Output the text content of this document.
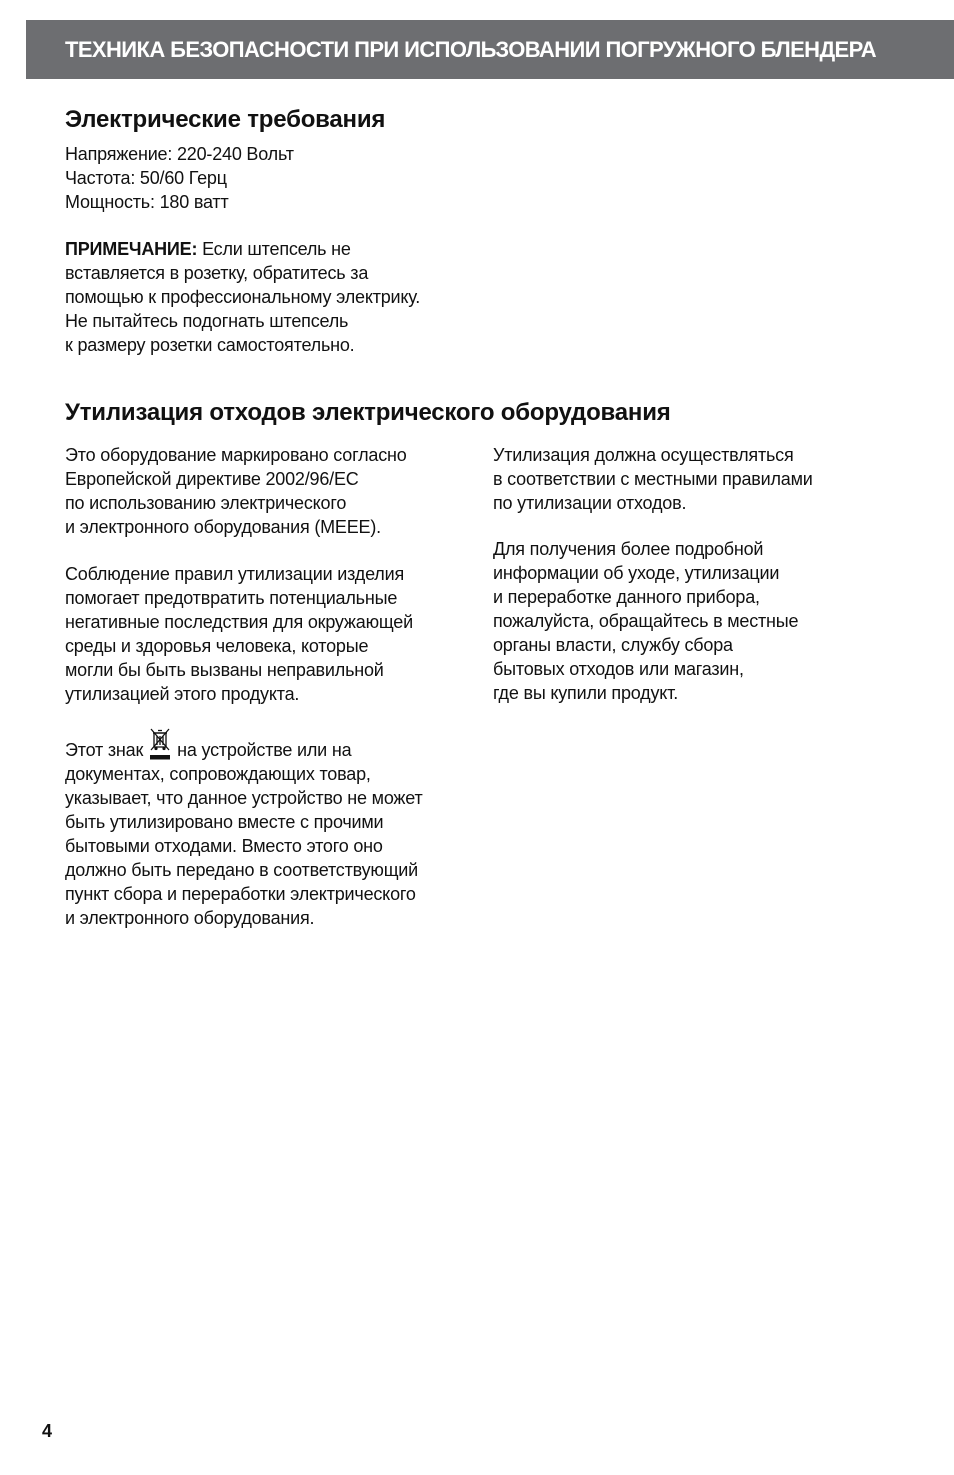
ТЕХНИКА БЕЗОПАСНОСТИ ПРИ ИСПОЛЬЗОВАНИИ ПОГРУЖНОГО БЛЕНДЕРА
Электрические требования
Напряжение: 220-240 Вольт
Частота: 50/60 Герц
Мощность: 180 ватт
ПРИМЕЧАНИЕ: Если штепсель не
вставляется в розетку, обратитесь за
помощью к профессиональному электрику.
Не пытайтесь подогнать штепсель
к размеру розетки самостоятельно.
Утилизация отходов электрического оборудования
Это оборудование маркировано согласно
Европейской директиве 2002/96/EC
по использованию электрического
и электронного оборудования (МЕЕЕ).
Соблюдение правил утилизации изделия
помогает предотвратить потенциальные
негативные последствия для окружающей
среды и здоровья человека, которые
могли бы быть вызваны неправильной
утилизацией этого продукта.
Этот знак на устройстве или на
документах, сопровождающих товар,
указывает, что данное устройство не может
быть утилизировано вместе с прочими
бытовыми отходами. Вместо этого оно
должно быть передано в соответствующий
пункт сбора и переработки электрического
и электронного оборудования.
Утилизация должна осуществляться
в соответствии с местными правилами
по утилизации отходов.
Для получения более подробной
информации об уходе, утилизации
и переработке данного прибора,
пожалуйста, обращайтесь в местные
органы власти, службу сбора
бытовых отходов или магазин,
где вы купили продукт.
4
